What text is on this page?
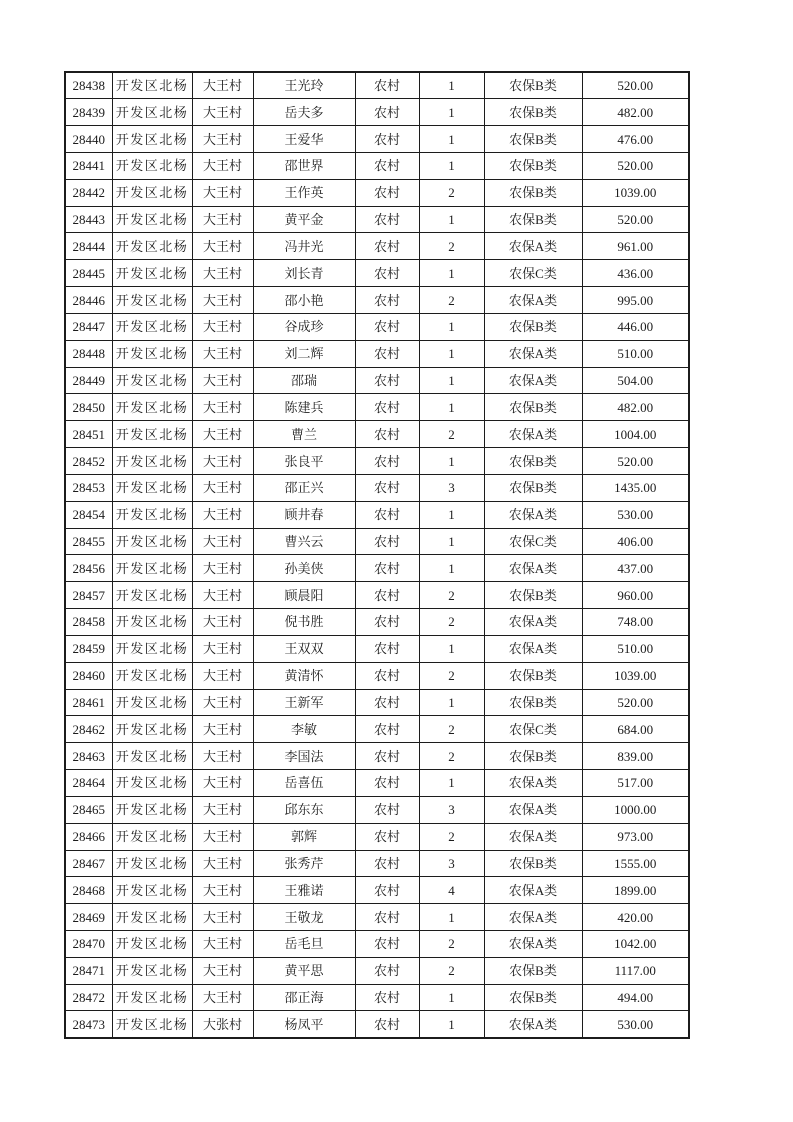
28438	开发区北杨	大王村	王光玲	农村	1	农保B类	520.00
28439	开发区北杨	大王村	岳夫多	农村	1	农保B类	482.00
28440	开发区北杨	大王村	王爱华	农村	1	农保B类	476.00
28441	开发区北杨	大王村	邵世界	农村	1	农保B类	520.00
28442	开发区北杨	大王村	王作英	农村	2	农保B类	1039.00
28443	开发区北杨	大王村	黄平金	农村	1	农保B类	520.00
28444	开发区北杨	大王村	冯井光	农村	2	农保A类	961.00
28445	开发区北杨	大王村	刘长青	农村	1	农保C类	436.00
28446	开发区北杨	大王村	邵小艳	农村	2	农保A类	995.00
28447	开发区北杨	大王村	谷成珍	农村	1	农保B类	446.00
28448	开发区北杨	大王村	刘二辉	农村	1	农保A类	510.00
28449	开发区北杨	大王村	邵瑞	农村	1	农保A类	504.00
28450	开发区北杨	大王村	陈建兵	农村	1	农保B类	482.00
28451	开发区北杨	大王村	曹兰	农村	2	农保A类	1004.00
28452	开发区北杨	大王村	张良平	农村	1	农保B类	520.00
28453	开发区北杨	大王村	邵正兴	农村	3	农保B类	1435.00
28454	开发区北杨	大王村	顾井春	农村	1	农保A类	530.00
28455	开发区北杨	大王村	曹兴云	农村	1	农保C类	406.00
28456	开发区北杨	大王村	孙美侠	农村	1	农保A类	437.00
28457	开发区北杨	大王村	顾晨阳	农村	2	农保B类	960.00
28458	开发区北杨	大王村	倪书胜	农村	2	农保A类	748.00
28459	开发区北杨	大王村	王双双	农村	1	农保A类	510.00
28460	开发区北杨	大王村	黄清怀	农村	2	农保B类	1039.00
28461	开发区北杨	大王村	王新军	农村	1	农保B类	520.00
28462	开发区北杨	大王村	李敏	农村	2	农保C类	684.00
28463	开发区北杨	大王村	李国法	农村	2	农保B类	839.00
28464	开发区北杨	大王村	岳喜伍	农村	1	农保A类	517.00
28465	开发区北杨	大王村	邱东东	农村	3	农保A类	1000.00
28466	开发区北杨	大王村	郭辉	农村	2	农保A类	973.00
28467	开发区北杨	大王村	张秀芹	农村	3	农保B类	1555.00
28468	开发区北杨	大王村	王雅诺	农村	4	农保A类	1899.00
28469	开发区北杨	大王村	王敬龙	农村	1	农保A类	420.00
28470	开发区北杨	大王村	岳毛旦	农村	2	农保A类	1042.00
28471	开发区北杨	大王村	黄平思	农村	2	农保B类	1117.00
28472	开发区北杨	大王村	邵正海	农村	1	农保B类	494.00
28473	开发区北杨	大张村	杨凤平	农村	1	农保A类	530.00
